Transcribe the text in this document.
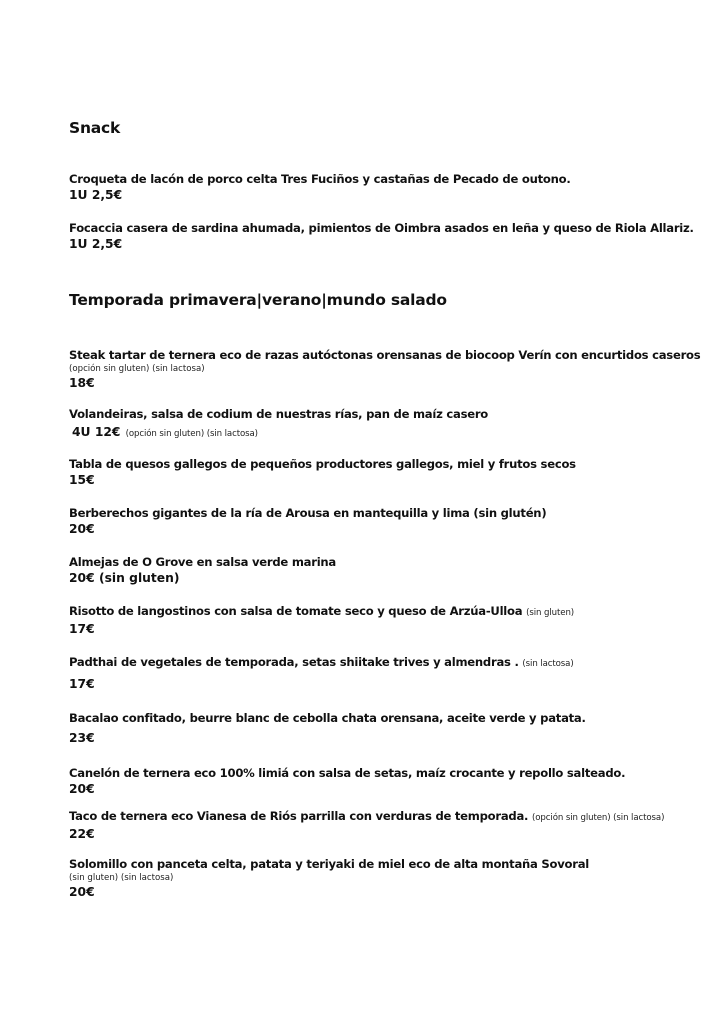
Snack
Croqueta de lacón de porco celta Tres Fuciños y castañas de Pecado de outono.
1U 2,5€
Focaccia casera de sardina ahumada, pimientos de Oimbra asados en leña y queso de Riola Allariz.
1U 2,5€
Temporada primavera|verano|mundo salado
Steak tartar de ternera eco de razas autóctonas orensanas de biocoop Verín con encurtidos caseros
(opción sin gluten) (sin lactosa)
18€
Volandeiras, salsa de codium de nuestras rías, pan de maíz casero
4U 12€ (opción sin gluten) (sin lactosa)
Tabla de quesos gallegos de pequeños productores gallegos, miel y frutos secos
15€
Berberechos gigantes de la ría de Arousa en mantequilla y lima (sin glutén)
20€
Almejas de O Grove en salsa verde marina
20€ (sin gluten)
Risotto de langostinos con salsa de tomate seco y queso de Arzúa-Ulloa (sin gluten)
17€
Padthai de vegetales de temporada, setas shiitake trives y almendras . (sin lactosa)
17€
Bacalao confitado, beurre blanc de cebolla chata orensana, aceite verde y patata.
23€
Canelón de ternera eco 100% limiá con salsa de setas, maíz crocante y repollo salteado.
20€
Taco de ternera eco Vianesa de Riós parrilla con verduras de temporada. (opción sin gluten) (sin lactosa)
22€
Solomillo con panceta celta, patata y teriyaki de miel eco de alta montaña Sovoral
(sin gluten) (sin lactosa)
20€
